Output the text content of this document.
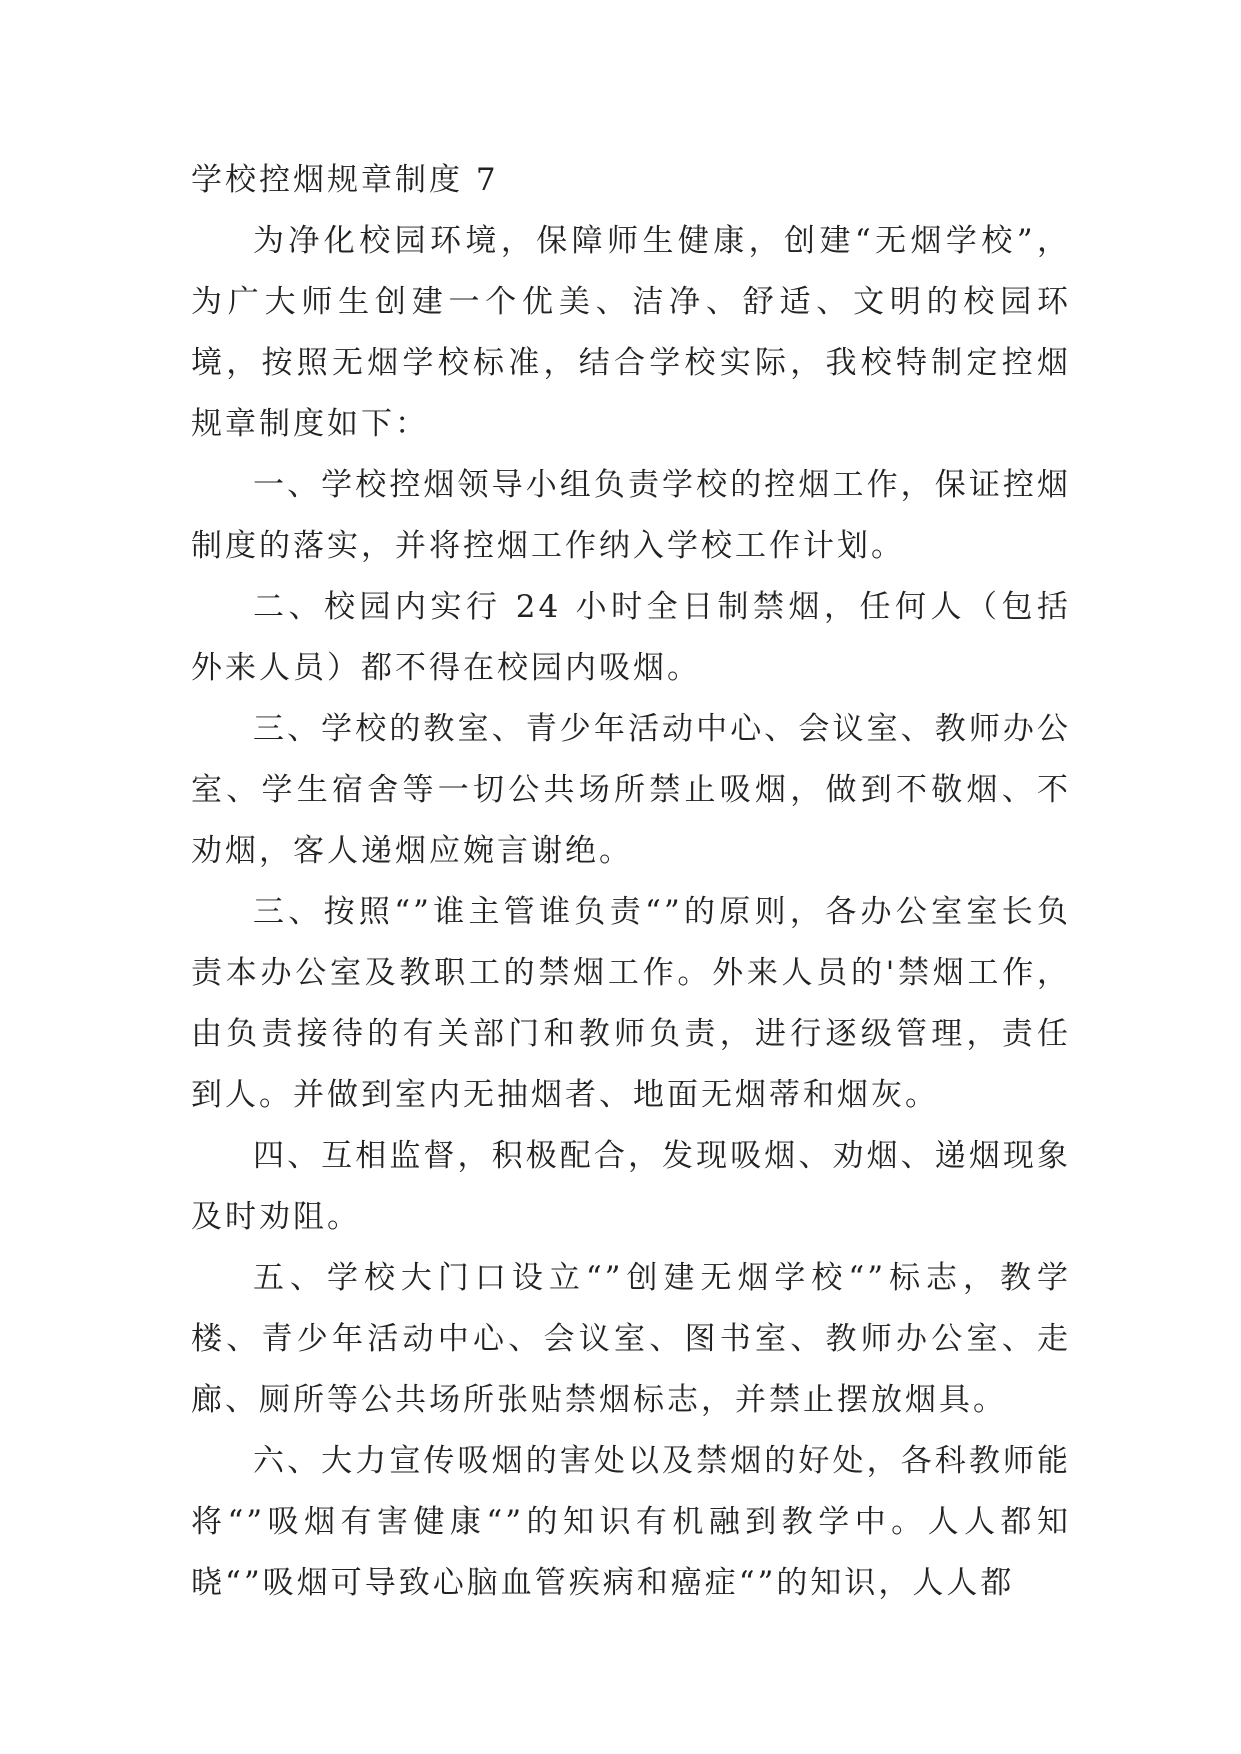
学校控烟规章制度 7

为净化校园环境，保障师生健康，创建“无烟学校”，为广大师生创建一个优美、洁净、舒适、文明的校园环境，按照无烟学校标准，结合学校实际，我校特制定控烟规章制度如下：

一、学校控烟领导小组负责学校的控烟工作，保证控烟制度的落实，并将控烟工作纳入学校工作计划。

二、校园内实行 24 小时全日制禁烟，任何人（包括外来人员）都不得在校园内吸烟。

三、学校的教室、青少年活动中心、会议室、教师办公室、学生宿舍等一切公共场所禁止吸烟，做到不敬烟、不劝烟，客人递烟应婉言谢绝。

三、按照“”谁主管谁负责“”的原则，各办公室室长负责本办公室及教职工的禁烟工作。外来人员的'禁烟工作，由负责接待的有关部门和教师负责，进行逐级管理，责任到人。并做到室内无抽烟者、地面无烟蒂和烟灰。

四、互相监督，积极配合，发现吸烟、劝烟、递烟现象及时劝阻。

五、学校大门口设立“”创建无烟学校“”标志，教学楼、青少年活动中心、会议室、图书室、教师办公室、走廊、厕所等公共场所张贴禁烟标志，并禁止摆放烟具。

六、大力宣传吸烟的害处以及禁烟的好处，各科教师能将“”吸烟有害健康“”的知识有机融到教学中。人人都知晓“”吸烟可导致心脑血管疾病和癌症“”的知识，人人都
